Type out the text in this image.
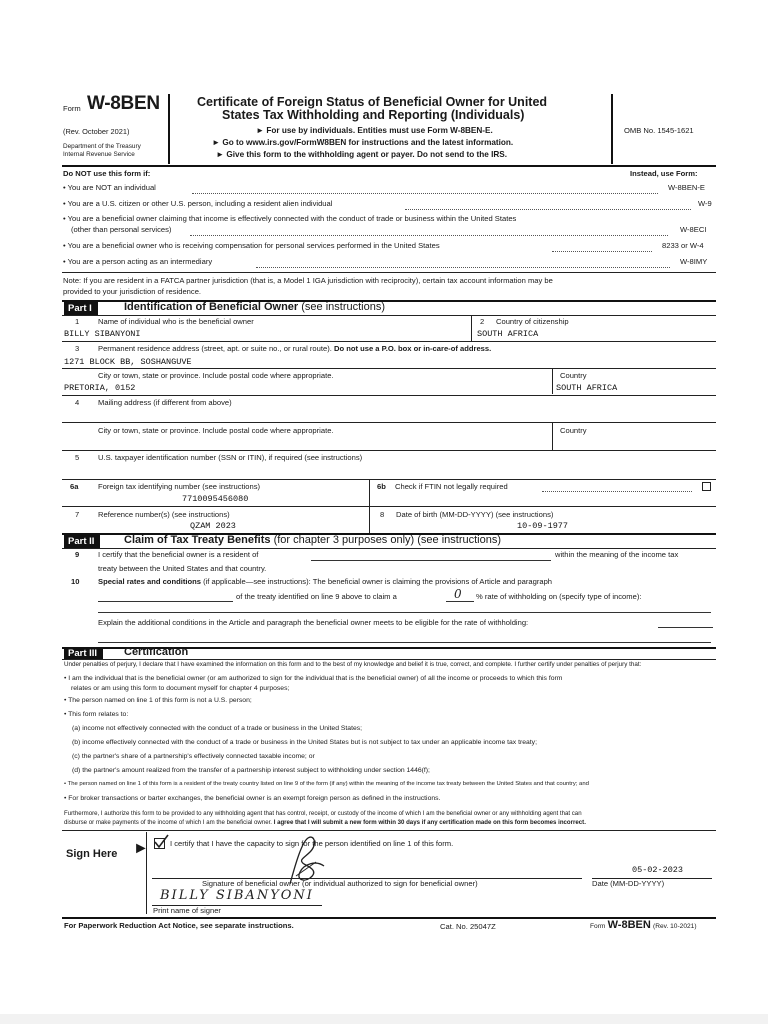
Form W-8BEN
(Rev. October 2021)
Department of the Treasury
Internal Revenue Service
Certificate of Foreign Status of Beneficial Owner for United
States Tax Withholding and Reporting (Individuals)
► For use by individuals. Entities must use Form W-8BEN-E.
► Go to www.irs.gov/FormW8BEN for instructions and the latest information.
► Give this form to the withholding agent or payer. Do not send to the IRS.
OMB No. 1545-1621
Do NOT use this form if:	Instead, use Form:
• You are NOT an individual	W-8BEN-E
• You are a U.S. citizen or other U.S. person, including a resident alien individual	W-9
• You are a beneficial owner claiming that income is effectively connected with the conduct of trade or business within the United States
(other than personal services)	W-8ECI
• You are a beneficial owner who is receiving compensation for personal services performed in the United States	8233 or W-4
• You are a person acting as an intermediary	W-8IMY
Note: If you are resident in a FATCA partner jurisdiction (that is, a Model 1 IGA jurisdiction with reciprocity), certain tax account information may be
provided to your jurisdiction of residence.
Part I	Identification of Beneficial Owner (see instructions)
1 Name of individual who is the beneficial owner
BILLY SIBANYONI
2 Country of citizenship
SOUTH AFRICA
3 Permanent residence address (street, apt. or suite no., or rural route). Do not use a P.O. box or in-care-of address.
1271 BLOCK BB, SOSHANGUVE
City or town, state or province. Include postal code where appropriate.
PRETORIA, 0152
Country
SOUTH AFRICA
4 Mailing address (if different from above)
City or town, state or province. Include postal code where appropriate.	Country
5 U.S. taxpayer identification number (SSN or ITIN), if required (see instructions)
6a	Foreign tax identifying number (see instructions)
7710095456080
6b Check if FTIN not legally required
7 Reference number(s) (see instructions)
QZAM 2023
8 Date of birth (MM-DD-YYYY) (see instructions)
10-09-1977
Part II	Claim of Tax Treaty Benefits (for chapter 3 purposes only) (see instructions)
9 I certify that the beneficial owner is a resident of	within the meaning of the income tax
treaty between the United States and that country.
10 Special rates and conditions (if applicable—see instructions): The beneficial owner is claiming the provisions of Article and paragraph
of the treaty identified on line 9 above to claim a	0 % rate of withholding on (specify type of income):
Explain the additional conditions in the Article and paragraph the beneficial owner meets to be eligible for the rate of withholding:
Part III	Certification
Under penalties of perjury, I declare that I have examined the information on this form and to the best of my knowledge and belief it is true, correct, and complete. I further certify under penalties of perjury that:
• I am the individual that is the beneficial owner (or am authorized to sign for the individual that is the beneficial owner) of all the income or proceeds to which this form
relates or am using this form to document myself for chapter 4 purposes;
• The person named on line 1 of this form is not a U.S. person;
• This form relates to:
(a) income not effectively connected with the conduct of a trade or business in the United States;
(b) income effectively connected with the conduct of a trade or business in the United States but is not subject to tax under an applicable income tax treaty;
(c) the partner's share of a partnership's effectively connected taxable income; or
(d) the partner's amount realized from the transfer of a partnership interest subject to withholding under section 1446(f);
• The person named on line 1 of this form is a resident of the treaty country listed on line 9 of the form (if any) within the meaning of the income tax treaty between the United States and that country; and
• For broker transactions or barter exchanges, the beneficial owner is an exempt foreign person as defined in the instructions.
Furthermore, I authorize this form to be provided to any withholding agent that has control, receipt, or custody of the income of which I am the beneficial owner or any withholding agent that can
disburse or make payments of the income of which I am the beneficial owner. I agree that I will submit a new form within 30 days if any certification made on this form becomes incorrect.
Sign Here ►	I certify that I have the capacity to sign for the person identified on line 1 of this form.
Signature of beneficial owner (or individual authorized to sign for beneficial owner)
05-02-2023
Date (MM-DD-YYYY)
BILLY SIBANYONI
Print name of signer
For Paperwork Reduction Act Notice, see separate instructions.	Cat. No. 25047Z	Form W-8BEN (Rev. 10-2021)
